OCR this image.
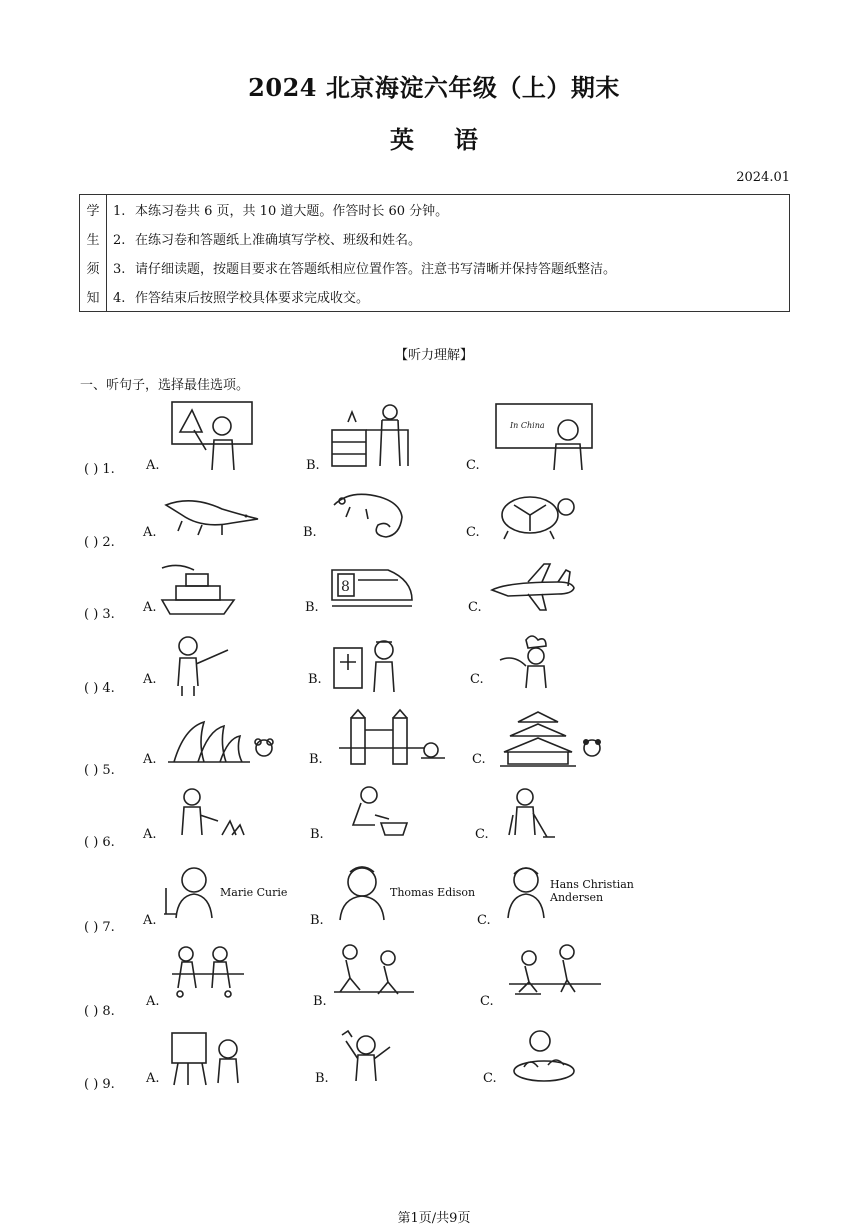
2024 北京海淀六年级（上）期末
英语
2024.01
学	1. 本练习卷共 6 页，共 10 道大题。作答时长 60 分钟。
生	2. 在练习卷和答题纸上准确填写学校、班级和姓名。
须	3. 请仔细读题，按题目要求在答题纸相应位置作答。注意书写清晰并保持答题纸整洁。
知	4. 作答结束后按照学校具体要求完成收交。
【听力理解】
一、听句子，选择最佳选项。
( ) 1. A.	B.
In China
C.
( ) 2.
A.	B.	C.
( ) 3. A.
8
B.	C.
( ) 4.
A.	B.	C.
( ) 5.
A.	B.	C.
( ) 6.
A.	B.	C.
( ) 7.
Marie Curie
A.
Thomas Edison
B.
Hans Christian
Andersen
C.
( ) 8.
A.	B.	C.
( ) 9. A.	B.	C.
第1页/共9页
